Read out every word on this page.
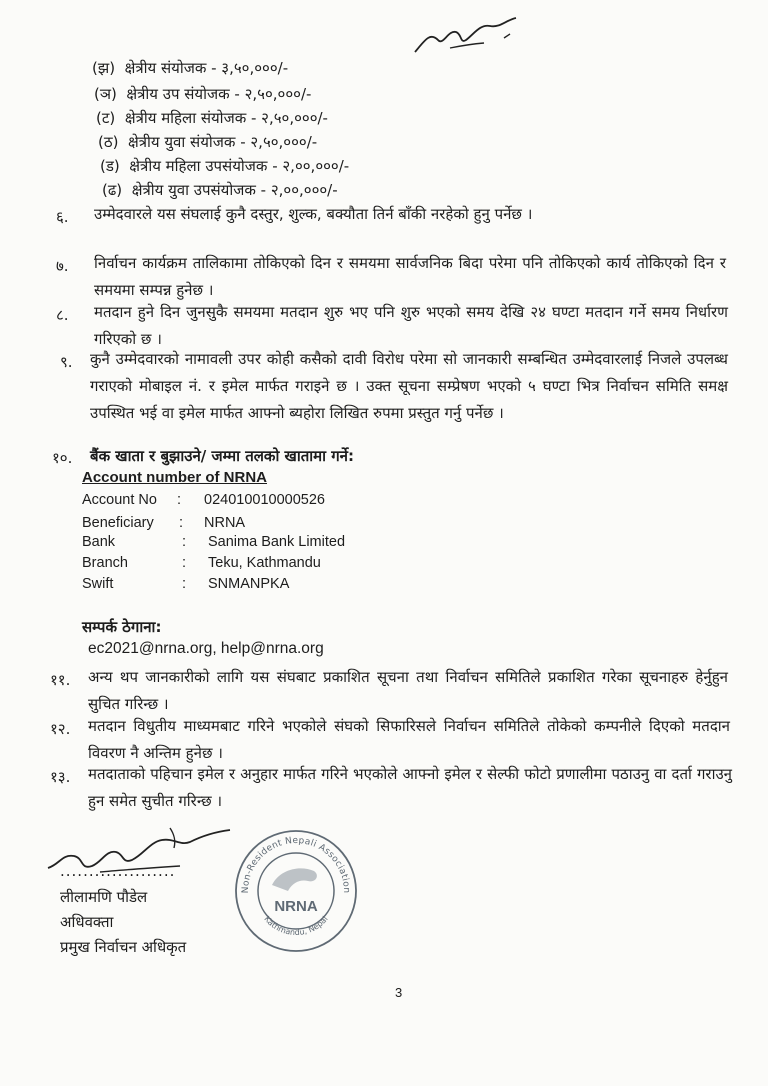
(झ) क्षेत्रीय संयोजक - ३,५०,०००/-
(ञ) क्षेत्रीय उप संयोजक - २,५०,०००/-
(ट) क्षेत्रीय महिला संयोजक - २,५०,०००/-
(ठ) क्षेत्रीय युवा संयोजक - २,५०,०००/-
(ड) क्षेत्रीय महिला उपसंयोजक - २,००,०००/-
(ढ) क्षेत्रीय युवा उपसंयोजक - २,००,०००/-
६. उम्मेदवारले यस संघलाई कुनै दस्तुर, शुल्क, बक्यौता तिर्न बाँकी नरहेको हुनु पर्नेछ ।
७. निर्वाचन कार्यक्रम तालिकामा तोकिएको दिन र समयमा सार्वजनिक बिदा परेमा पनि तोकिएको कार्य तोकिएको दिन र समयमा सम्पन्न हुनेछ ।
८. मतदान हुने दिन जुनसुकै समयमा मतदान शुरु भए पनि शुरु भएको समय देखि २४ घण्टा मतदान गर्ने समय निर्धारण गरिएको छ ।
९. कुनै उम्मेदवारको नामावली उपर कोही कसैको दावी विरोध परेमा सो जानकारी सम्बन्धित उम्मेदवारलाई निजले उपलब्ध गराएको मोबाइल नं. र इमेल मार्फत गराइने छ । उक्त सूचना सम्प्रेषण भएको ५ घण्टा भित्र निर्वाचन समिति समक्ष उपस्थित भई वा इमेल मार्फत आफ्नो ब्यहोरा लिखित रुपमा प्रस्तुत गर्नु पर्नेछ ।
१०. बैंक खाता र बुझाउने/ जम्मा तलको खातामा गर्ने:
Account number of NRNA
Account No : 024010010000526
Beneficiary : NRNA
Bank	: Sanima Bank Limited
Branch	: Teku, Kathmandu
Swift	: SNMANPKA
सम्पर्क ठेगाना:
ec2021@nrna.org, help@nrna.org
११. अन्य थप जानकारीको लागि यस संघबाट प्रकाशित सूचना तथा निर्वाचन समितिले प्रकाशित गरेका सूचनाहरु हेर्नुहुन सुचित गरिन्छ ।
१२. मतदान विधुतीय माध्यमबाट गरिने भएकोले संघको सिफारिसले निर्वाचन समितिले तोकेको कम्पनीले दिएको मतदान विवरण नै अन्तिम हुनेछ ।
१३. मतदाताको पहिचान इमेल र अनुहार मार्फत गरिने भएकोले आफ्नो इमेल र सेल्फी फोटो प्रणालीमा पठाउनु वा दर्ता गराउनु हुन समेत सुचीत गरिन्छ ।
....................
लीलामणि पौडेल
अधिवक्ता
प्रमुख निर्वाचन अधिकृत
Non-Resident Nepali Association
Kathmandu, Nepal
NRNA
3
